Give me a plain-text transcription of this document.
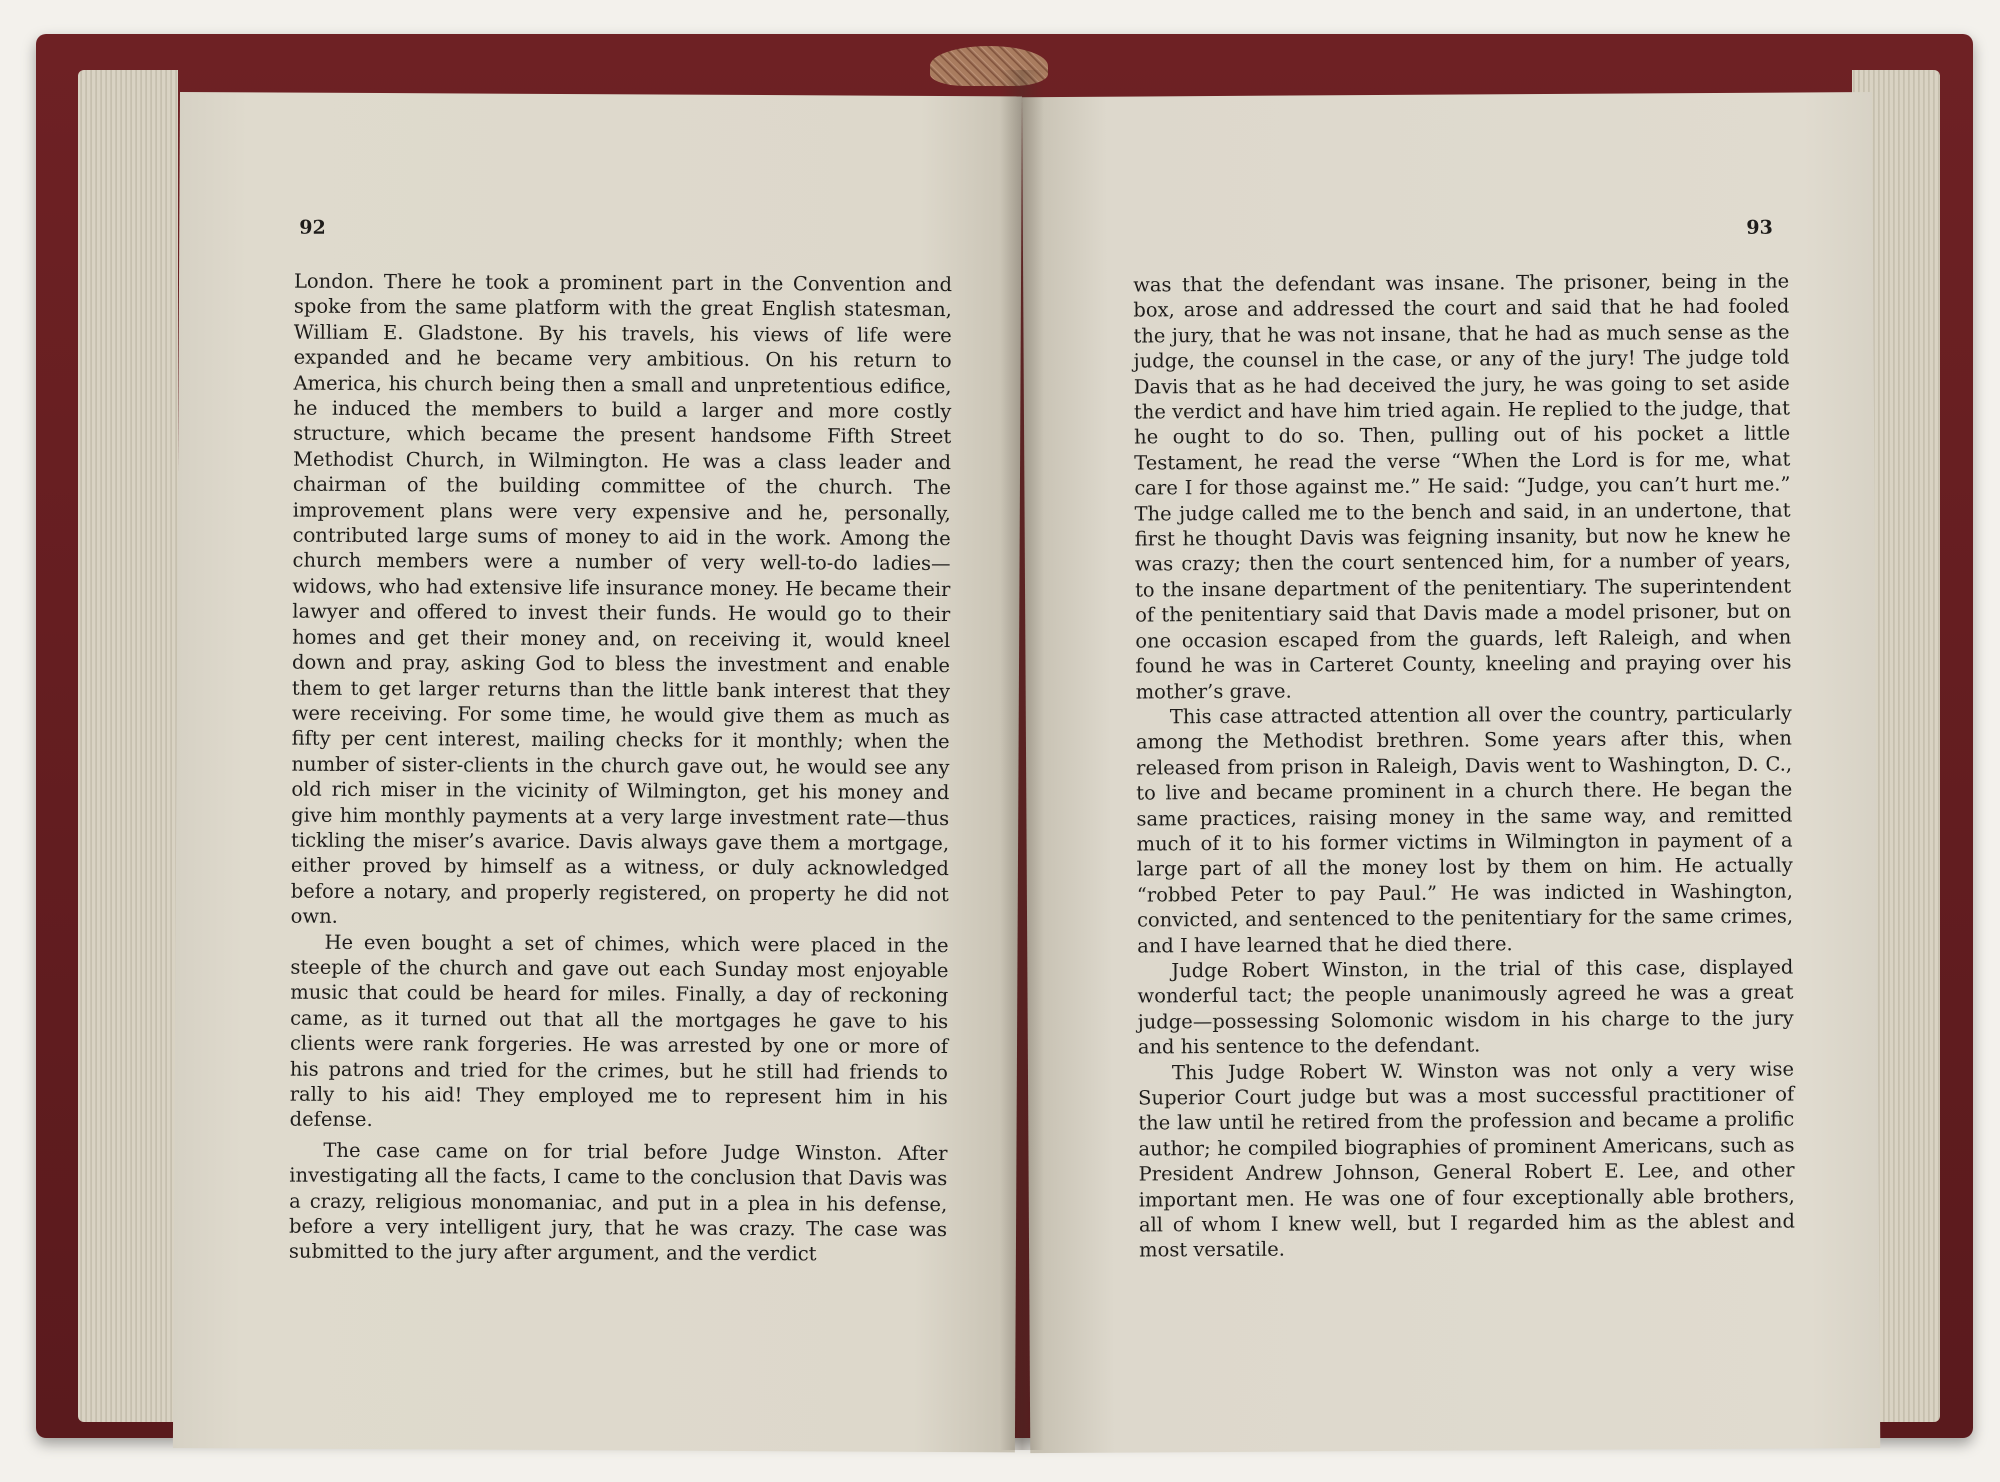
92

London. There he took a prominent part in the Convention and spoke from the same platform with the great English statesman, William E. Gladstone. By his travels, his views of life were expanded and he became very ambitious. On his return to America, his church being then a small and unpretentious edifice, he induced the members to build a larger and more costly structure, which became the present handsome Fifth Street Methodist Church, in Wilmington. He was a class leader and chairman of the building committee of the church. The improvement plans were very expensive and he, personally, contributed large sums of money to aid in the work. Among the church members were a number of very well-to-do ladies—widows, who had extensive life insurance money. He became their lawyer and offered to invest their funds. He would go to their homes and get their money and, on receiving it, would kneel down and pray, asking God to bless the investment and enable them to get larger returns than the little bank interest that they were receiving. For some time, he would give them as much as fifty per cent interest, mailing checks for it monthly; when the number of sister-clients in the church gave out, he would see any old rich miser in the vicinity of Wilmington, get his money and give him monthly payments at a very large investment rate—thus tickling the miser’s avarice. Davis always gave them a mortgage, either proved by himself as a witness, or duly acknowledged before a notary, and properly registered, on property he did not own.

He even bought a set of chimes, which were placed in the steeple of the church and gave out each Sunday most enjoyable music that could be heard for miles. Finally, a day of reckoning came, as it turned out that all the mortgages he gave to his clients were rank forgeries. He was arrested by one or more of his patrons and tried for the crimes, but he still had friends to rally to his aid! They employed me to represent him in his defense.

The case came on for trial before Judge Winston. After investigating all the facts, I came to the conclusion that Davis was a crazy, religious monomaniac, and put in a plea in his defense, before a very intelligent jury, that he was crazy. The case was submitted to the jury after argument, and the verdict

93

was that the defendant was insane. The prisoner, being in the box, arose and addressed the court and said that he had fooled the jury, that he was not insane, that he had as much sense as the judge, the counsel in the case, or any of the jury! The judge told Davis that as he had deceived the jury, he was going to set aside the verdict and have him tried again. He replied to the judge, that he ought to do so. Then, pulling out of his pocket a little Testament, he read the verse “When the Lord is for me, what care I for those against me.” He said: “Judge, you can’t hurt me.” The judge called me to the bench and said, in an undertone, that first he thought Davis was feigning insanity, but now he knew he was crazy; then the court sentenced him, for a number of years, to the insane department of the penitentiary. The superintendent of the penitentiary said that Davis made a model prisoner, but on one occasion escaped from the guards, left Raleigh, and when found he was in Carteret County, kneeling and praying over his mother’s grave.

This case attracted attention all over the country, particularly among the Methodist brethren. Some years after this, when released from prison in Raleigh, Davis went to Washington, D. C., to live and became prominent in a church there. He began the same practices, raising money in the same way, and remitted much of it to his former victims in Wilmington in payment of a large part of all the money lost by them on him. He actually “robbed Peter to pay Paul.” He was indicted in Washington, convicted, and sentenced to the penitentiary for the same crimes, and I have learned that he died there.

Judge Robert Winston, in the trial of this case, displayed wonderful tact; the people unanimously agreed he was a great judge—possessing Solomonic wisdom in his charge to the jury and his sentence to the defendant.

This Judge Robert W. Winston was not only a very wise Superior Court judge but was a most successful practitioner of the law until he retired from the profession and became a prolific author; he compiled biographies of prominent Americans, such as President Andrew Johnson, General Robert E. Lee, and other important men. He was one of four exceptionally able brothers, all of whom I knew well, but I regarded him as the ablest and most versatile.
